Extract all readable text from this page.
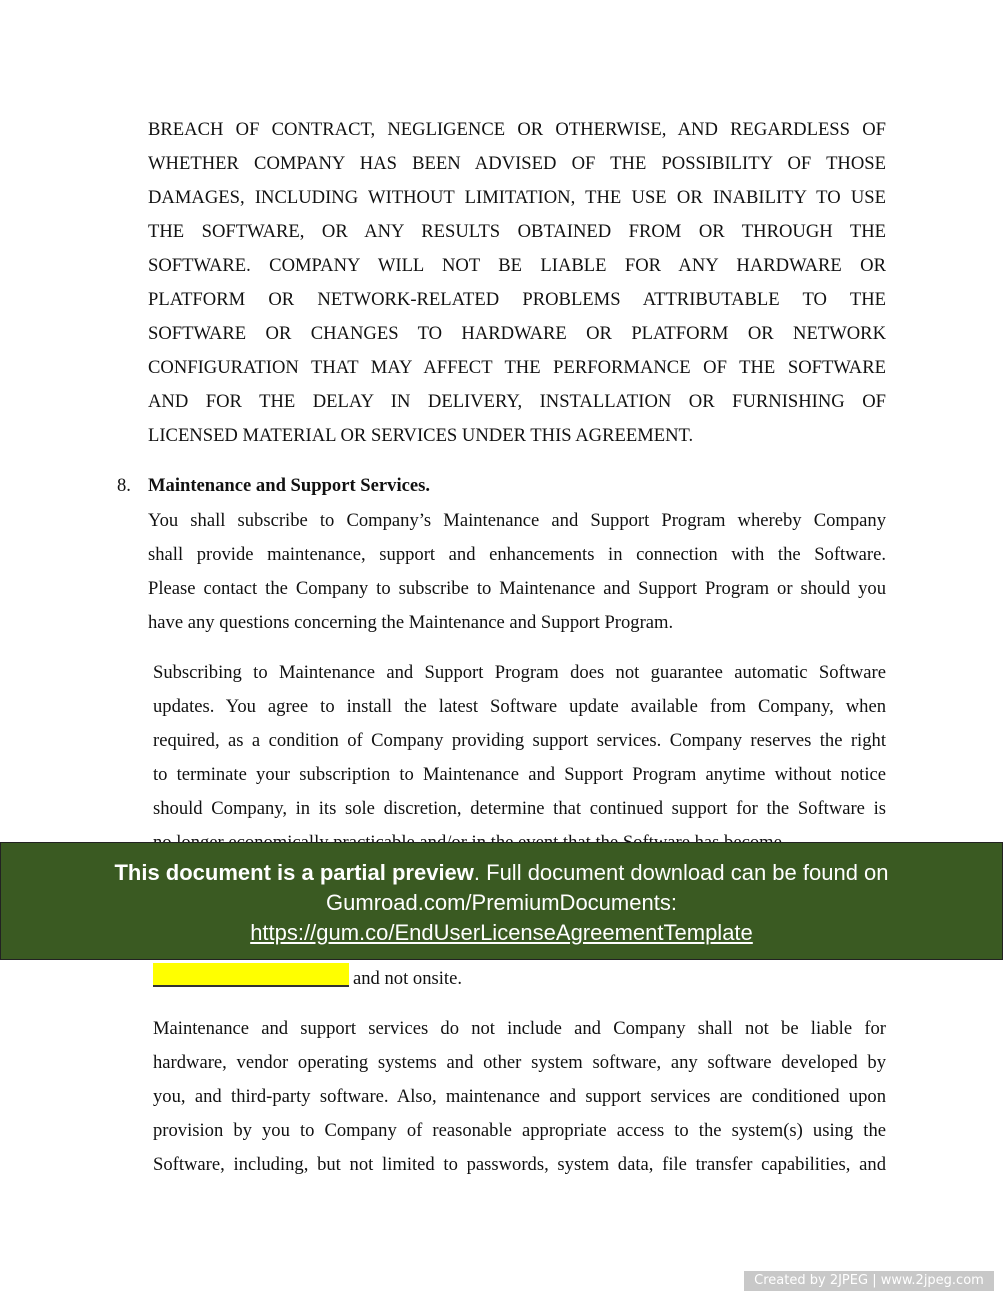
BREACH OF CONTRACT, NEGLIGENCE OR OTHERWISE, AND REGARDLESS OF
WHETHER COMPANY HAS BEEN ADVISED OF THE POSSIBILITY OF THOSE
DAMAGES, INCLUDING WITHOUT LIMITATION, THE USE OR INABILITY TO USE
THE SOFTWARE, OR ANY RESULTS OBTAINED FROM OR THROUGH THE
SOFTWARE. COMPANY WILL NOT BE LIABLE FOR ANY HARDWARE OR
PLATFORM OR NETWORK-RELATED PROBLEMS ATTRIBUTABLE TO THE
SOFTWARE OR CHANGES TO HARDWARE OR PLATFORM OR NETWORK
CONFIGURATION THAT MAY AFFECT THE PERFORMANCE OF THE SOFTWARE
AND FOR THE DELAY IN DELIVERY, INSTALLATION OR FURNISHING OF
LICENSED MATERIAL OR SERVICES UNDER THIS AGREEMENT.
8. Maintenance and Support Services.
You shall subscribe to Company’s Maintenance and Support Program whereby Company
shall provide maintenance, support and enhancements in connection with the Software.
Please contact the Company to subscribe to Maintenance and Support Program or should you
have any questions concerning the Maintenance and Support Program.
Subscribing to Maintenance and Support Program does not guarantee automatic Software
updates. You agree to install the latest Software update available from Company, when
required, as a condition of Company providing support services. Company reserves the right
to terminate your subscription to Maintenance and Support Program anytime without notice
should Company, in its sole discretion, determine that continued support for the Software is
This document is a partial preview. Full document download can be found on
Gumroad.com/PremiumDocuments:
https://gum.co/EndUserLicenseAgreementTemplate
and not onsite.
Maintenance and support services do not include and Company shall not be liable for
hardware, vendor operating systems and other system software, any software developed by
you, and third-party software. Also, maintenance and support services are conditioned upon
provision by you to Company of reasonable appropriate access to the system(s) using the
Software, including, but not limited to passwords, system data, file transfer capabilities, and
Created by 2JPEG | www.2jpeg.com
